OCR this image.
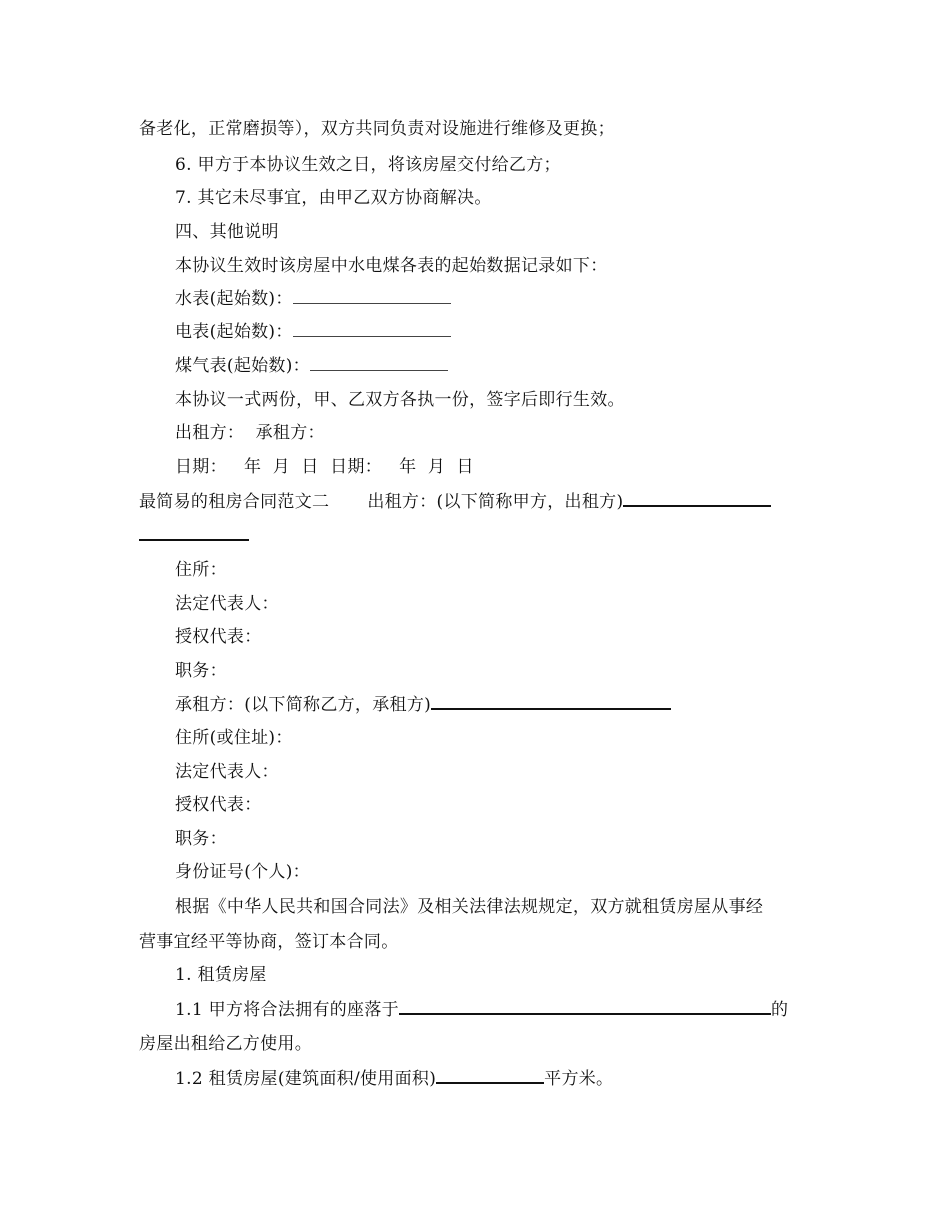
备老化，正常磨损等），双方共同负责对设施进行维修及更换；
6. 甲方于本协议生效之日，将该房屋交付给乙方；
7. 其它未尽事宜，由甲乙双方协商解决。
四、其他说明
本协议生效时该房屋中水电煤各表的起始数据记录如下：
水表(起始数)：
电表(起始数)：
煤气表(起始数)：
本协议一式两份，甲、乙双方各执一份，签字后即行生效。
出租方：  承租方：
日期：   年  月  日  日期：   年  月  日
最简易的租房合同范文二 出租方：(以下简称甲方，出租方)
住所：
法定代表人：
授权代表：
职务：
承租方：(以下简称乙方，承租方)
住所(或住址)：
法定代表人：
授权代表：
职务：
身份证号(个人)：
根据《中华人民共和国合同法》及相关法律法规规定，双方就租赁房屋从事经
营事宜经平等协商，签订本合同。
1. 租赁房屋
1.1 甲方将合法拥有的座落于	的
房屋出租给乙方使用。
1.2 租赁房屋(建筑面积/使用面积)	平方米。
